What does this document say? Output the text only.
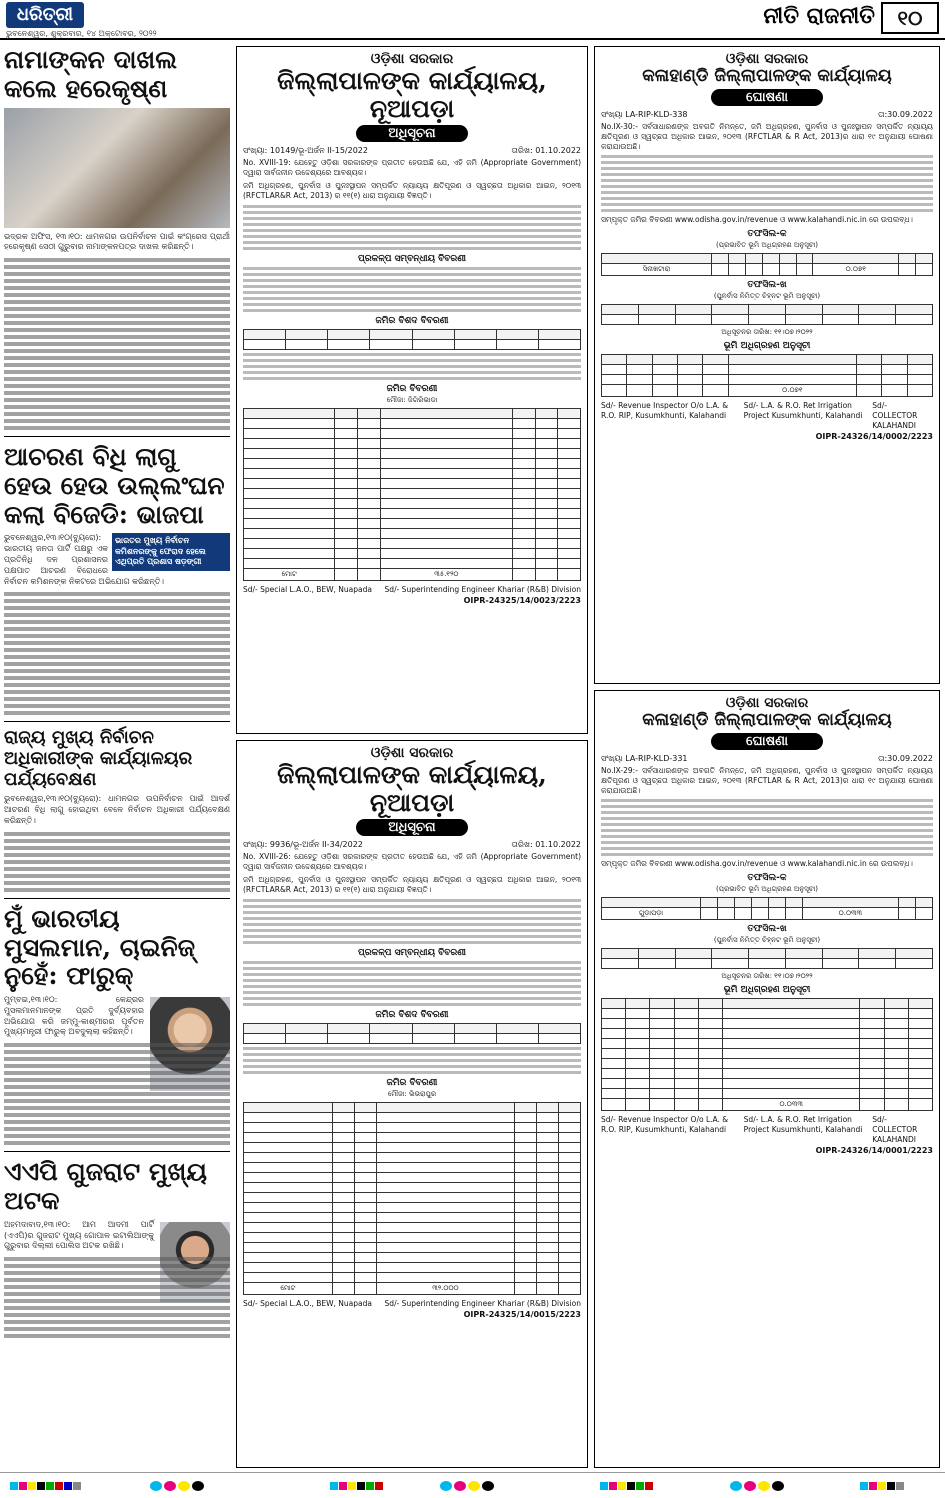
ଧରିତ୍ରୀ
ଭୁବନେଶ୍ୱର, ଶୁକ୍ରବାର, ୧୪ ଅକ୍ଟୋବର, ୨୦୨୨
ନୀତି ରାଜନୀତି	୧୦
ନାମାଙ୍କନ ଦାଖଲ କଲେ ହରେକୃଷ୍ଣ
ଭଦ୍ରକ ଅଫିସ, ୧୩।୧୦: ଧାମନଗର ଉପନିର୍ବାଚନ ପାଇଁ କଂଗ୍ରେସ ପ୍ରାର୍ଥୀ ହରେକୃଷ୍ଣ ସେଠୀ ଗୁରୁବାର ନାମାଙ୍କନପତ୍ର ଦାଖଲ କରିଛନ୍ତି।
ଆଚରଣ ବିଧି ଲାଗୁ ହେଉ ହେଉ ଉଲ୍ଲଂଘନ କଲା ବିଜେଡି: ଭାଜପା
ଭାରତର ମୁଖ୍ୟ ନିର୍ବାଚନ କମିଶନରଙ୍କୁ ଫେରାଦ ହେଲେ ଏଥିପ୍ରତି ପ୍ରଶାସ ଷଡ଼ଙ୍ଗୀ
ଭୁବନେଶ୍ୱର,୧୩।୧୦(ବ୍ୟୁରୋ): ଭାରତୀୟ ଜନତା ପାର୍ଟି ପକ୍ଷରୁ ଏକ ପ୍ରତିନିଧି ଦଳ ପ୍ରଶାସନର ପକ୍ଷପାତ ଆଚରଣ ବିରୋଧରେ ନିର୍ବାଚନ କମିଶନଙ୍କ ନିକଟରେ ଅଭିଯୋଗ କରିଛନ୍ତି।
ରାଜ୍ୟ ମୁଖ୍ୟ ନିର୍ବାଚନ ଅଧିକାରୀଙ୍କ କାର୍ଯ୍ୟାଳୟର ପର୍ଯ୍ୟବେକ୍ଷଣ
ଭୁବନେଶ୍ୱର,୧୩।୧୦(ବ୍ୟୁରୋ): ଧାମନଗର ଉପନିର୍ବାଚନ ପାଇଁ ଆଦର୍ଶ ଆଚରଣ ବିଧି ଲାଗୁ ହୋଇଥିବା ବେଳେ ନିର୍ବାଚନ ଅଧିକାରୀ ପର୍ଯ୍ୟବେକ୍ଷଣ କରିଛନ୍ତି।
ମୁଁ ଭାରତୀୟ ମୁସଲମାନ, ଚାଇନିଜ୍ ନୁହେଁ: ଫାରୁକ୍
ମୁମ୍ବଇ,୧୩।୧୦: କେନ୍ଦ୍ରର ମୁସଲମାନମାନଙ୍କ ପ୍ରତି ଦୁର୍ବ୍ୟବହାର ଅଭିଯୋଗ କରି ଜମ୍ମୁ-କାଶ୍ମୀରର ପୂର୍ବତନ ମୁଖ୍ୟମନ୍ତ୍ରୀ ଫାରୁକ୍ ଅବଦୁଲ୍ଲା କହିଛନ୍ତି।
ଏଏପି ଗୁଜରାଟ ମୁଖ୍ୟ ଅଟକ
ଅହମଦାବାଦ,୧୩।୧୦: ଆମ ଆଦମୀ ପାର୍ଟି (ଏଏପି)ର ଗୁଜରାଟ ମୁଖ୍ୟ ଗୋପାଳ ଇଟାଲିଆଙ୍କୁ ଗୁରୁବାର ଦିଲ୍ଲୀ ପୋଲିସ ଅଟକ ରଖିଛି।
ଓଡ଼ିଶା ସରକାର
ଜିଲ୍ଲାପାଳଙ୍କ କାର୍ଯ୍ୟାଳୟ, ନୂଆପଡ଼ା
ଅଧିସୂଚନା
ସଂଖ୍ୟା: 10149/ଭୂ-ଅର୍ଜନ II-15/2022	ତାରିଖ: 01.10.2022
No. XVIII-19: ଯେହେତୁ ଓଡ଼ିଶା ସରକାରଙ୍କ ପ୍ରତୀତ ହେଉଅଛି ଯେ, ଏହି ଜମି (Appropriate Government) ଦ୍ୱାରା ସାର୍ବଜନୀନ ଉଦ୍ଦେଶ୍ୟରେ ଆବଶ୍ୟକ।
ଜମି ଅଧିଗ୍ରହଣ, ପୁନର୍ବାସ ଓ ପୁନଃସ୍ଥାପନ ସମ୍ପର୍କିତ ନ୍ୟାୟ୍ୟ କ୍ଷତିପୂରଣ ଓ ସ୍ୱଚ୍ଛତା ଅଧିକାର ଆଇନ, ୨୦୧୩ (RFCTLAR&R Act, 2013) ର ୧୧(୧) ଧାରା ଅନୁଯାୟୀ ବିଜ୍ଞପ୍ତି।
ପ୍ରକଳ୍ପ ସମ୍ବନ୍ଧୀୟ ବିବରଣୀ
ଜମିର ବିଶଦ ବିବରଣୀ

ଜମିର ବିବରଣୀ
ମୌଜା: ଜିଗିରିଭାଡା

ମୋଟ			୩୫.୧୨୦			
Sd/- Special L.A.O., BEW, Nuapada Sd/- Superintending Engineer Khariar (R&B) Division
OIPR-24325/14/0023/2223
ଓଡ଼ିଶା ସରକାର
ଜିଲ୍ଲାପାଳଙ୍କ କାର୍ଯ୍ୟାଳୟ, ନୂଆପଡ଼ା
ଅଧିସୂଚନା
ସଂଖ୍ୟା: 9936/ଭୂ-ଅର୍ଜନ II-34/2022	ତାରିଖ: 01.10.2022
No. XVIII-26: ଯେହେତୁ ଓଡ଼ିଶା ସରକାରଙ୍କ ପ୍ରତୀତ ହେଉଅଛି ଯେ, ଏହି ଜମି (Appropriate Government) ଦ୍ୱାରା ସାର୍ବଜନୀନ ଉଦ୍ଦେଶ୍ୟରେ ଆବଶ୍ୟକ।
ଜମି ଅଧିଗ୍ରହଣ, ପୁନର୍ବାସ ଓ ପୁନଃସ୍ଥାପନ ସମ୍ପର୍କିତ ନ୍ୟାୟ୍ୟ କ୍ଷତିପୂରଣ ଓ ସ୍ୱଚ୍ଛତା ଅଧିକାର ଆଇନ, ୨୦୧୩ (RFCTLAR&R Act, 2013) ର ୧୧(୧) ଧାରା ଅନୁଯାୟୀ ବିଜ୍ଞପ୍ତି।
ପ୍ରକଳ୍ପ ସମ୍ବନ୍ଧୀୟ ବିବରଣୀ
ଜମିର ବିଶଦ ବିବରଣୀ

ଜମିର ବିବରଣୀ
ମୌଜା: ଭିଭରାପୁର

ମୋଟ			୩୨.୦୦୦			
Sd/- Special L.A.O., BEW, Nuapada Sd/- Superintending Engineer Khariar (R&B) Division
OIPR-24325/14/0015/2223
ଓଡ଼ିଶା ସରକାର
କଳାହାଣ୍ଡି ଜିଲ୍ଲାପାଳଙ୍କ କାର୍ଯ୍ୟାଳୟ
ଘୋଷଣା
ସଂଖ୍ୟା LA-RIP-KLD-338	ତା:30.09.2022
No.IX-30:- ସର୍ବସାଧାରଣଙ୍କ ଅବଗତି ନିମନ୍ତେ, ଜମି ଅଧିଗ୍ରହଣ, ପୁନର୍ବାସ ଓ ପୁନଃସ୍ଥାପନ ସମ୍ପର୍କିତ ନ୍ୟାୟ୍ୟ କ୍ଷତିପୂରଣ ଓ ସ୍ୱଚ୍ଛତା ଅଧିକାର ଆଇନ, ୨୦୧୩ (RFCTLAR & R Act, 2013)ର ଧାରା ୧୯ ଅନୁଯାୟୀ ଘୋଷଣା କରାଯାଉଅଛି।
ସମ୍ପୃକ୍ତ ଜମିର ବିବରଣୀ www.odisha.gov.in/revenue ଓ www.kalahandi.nic.in ରେ ଉପଲବ୍ଧ।
ତଫସିଲ-କ
(ପ୍ରଭାବିତ ଭୂମି ଅଧିଗ୍ରହଣ ଅନୁସୂଚୀ)

ସିନାଖଟାରା							୦.୦୭୧		
ତଫସିଲ-ଖ
(ପୁନର୍ବାସ ନିମିତ୍ତ ଚିହ୍ନଟ ଭୂମି ଅନୁସୂଚୀ)

ଅଧିସୂଚନର ତାରିଖ: ୧୧।୦୭।୨୦୨୨
ଭୂମି ଅଧିଗ୍ରହଣ ଅନୁସୂଚୀ

					୦.୦୭୧			
Sd/- Revenue Inspector O/o L.A. & R.O. RIP, Kusumkhunti, Kalahandi
Sd/- L.A. & R.O. Ret Irrigation Project Kusumkhunti, Kalahandi
Sd/- COLLECTOR KALAHANDI
OIPR-24326/14/0002/2223
ଓଡ଼ିଶା ସରକାର
କଳାହାଣ୍ଡି ଜିଲ୍ଲାପାଳଙ୍କ କାର୍ଯ୍ୟାଳୟ
ଘୋଷଣା
ସଂଖ୍ୟା LA-RIP-KLD-331	ତା:30.09.2022
No.IX-29:- ସର୍ବସାଧାରଣଙ୍କ ଅବଗତି ନିମନ୍ତେ, ଜମି ଅଧିଗ୍ରହଣ, ପୁନର୍ବାସ ଓ ପୁନଃସ୍ଥାପନ ସମ୍ପର୍କିତ ନ୍ୟାୟ୍ୟ କ୍ଷତିପୂରଣ ଓ ସ୍ୱଚ୍ଛତା ଅଧିକାର ଆଇନ, ୨୦୧୩ (RFCTLAR & R Act, 2013)ର ଧାରା ୧୯ ଅନୁଯାୟୀ ଘୋଷଣା କରାଯାଉଅଛି।
ସମ୍ପୃକ୍ତ ଜମିର ବିବରଣୀ www.odisha.gov.in/revenue ଓ www.kalahandi.nic.in ରେ ଉପଲବ୍ଧ।
ତଫସିଲ-କ
(ପ୍ରଭାବିତ ଭୂମି ଅଧିଗ୍ରହଣ ଅନୁସୂଚୀ)

ଗୁଡ଼ାପଡ଼ା							୦.୦୩୩		
ତଫସିଲ-ଖ
(ପୁନର୍ବାସ ନିମିତ୍ତ ଚିହ୍ନଟ ଭୂମି ଅନୁସୂଚୀ)

ଅଧିସୂଚନର ତାରିଖ: ୧୧।୦୭।୨୦୨୨
ଭୂମି ଅଧିଗ୍ରହଣ ଅନୁସୂଚୀ

					୦.୦୩୩			
Sd/- Revenue Inspector O/o L.A. & R.O. RIP, Kusumkhunti, Kalahandi
Sd/- L.A. & R.O. Ret Irrigation Project Kusumkhunti, Kalahandi
Sd/- COLLECTOR KALAHANDI
OIPR-24326/14/0001/2223
